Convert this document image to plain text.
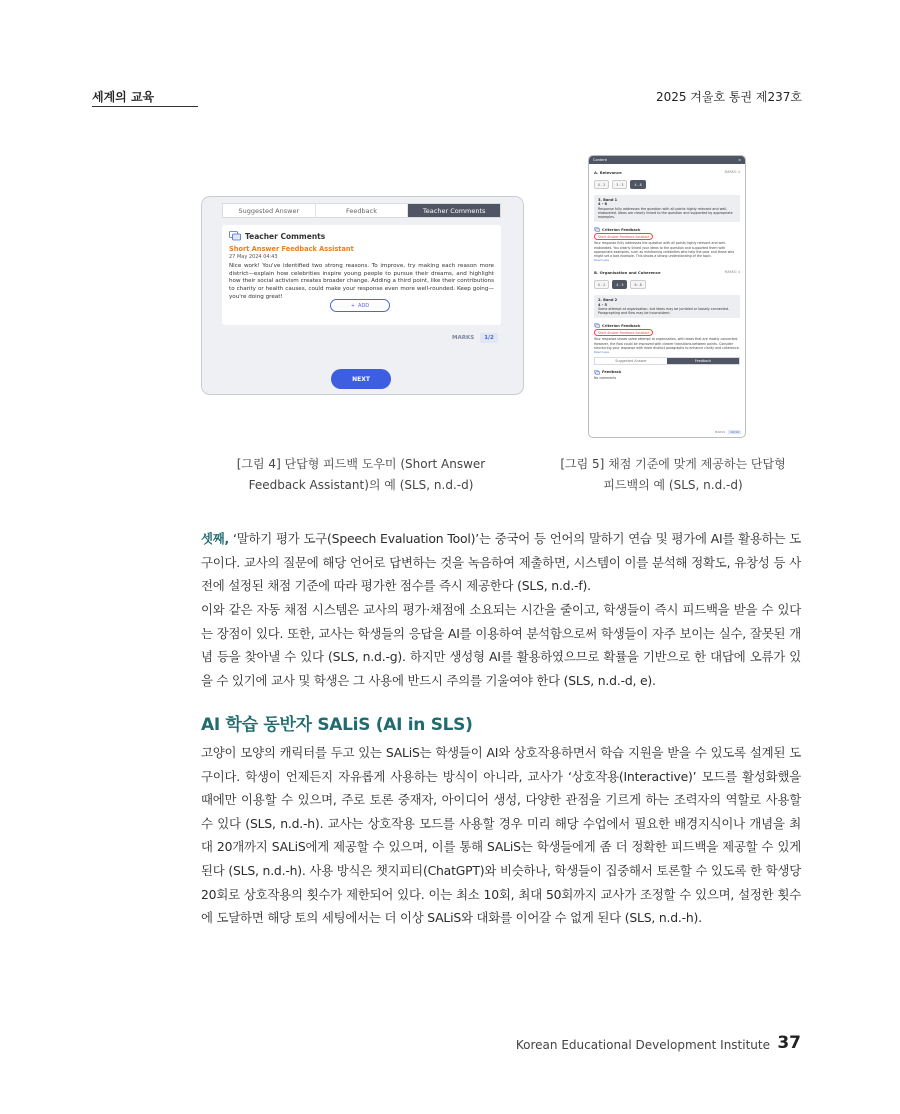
세계의 교육	2025 겨울호 통권 제237호
Suggested Answer	Feedback	Teacher Comments
Teacher Comments
Short Answer Feedback Assistant
27 May 2024 04:43
Nice work! You've identified two strong reasons. To improve, try making each reason more district—explain how celebrities inspire young people to pursue their dreams, and highlight how their social activism creates broader change. Adding a third point, like their contributions to charity or health causes, could make your response even more well-rounded. Keep going—you're doing great!
+ ADD
MARKS	1/2
NEXT
Content	×
A. Relevance	MARKS: 4
0 - 2	3 - 5	4 - 8
3. Band 1
4 - 8
Response fully addresses the question with all points highly relevant and well-elaborated. Ideas are clearly linked to the question and supported by appropriate examples.
Criterion Feedback
Short Answer Feedback Assistant
Your response fully addresses the question with all points highly relevant and well-elaborated. You clearly linked your ideas to the question and supported them with appropriate examples, such as mentioning celebrities who help the poor and those who might set a bad example. This shows a strong understanding of the topic.
Read Less
B. Organisation and Coherence	MARKS: 4
0 - 2	4 - 5	6 - 8
2. Band 2
4 - 5
Some attempt at organisation, but ideas may be jumbled or loosely connected. Paragraphing and flow may be inconsistent.
Criterion Feedback
Short Answer Feedback Assistant
Your response shows some attempt at organisation, with ideas that are mostly connected. However, the flow could be improved with clearer transitions between points. Consider structuring your response with more distinct paragraphs to enhance clarity and coherence.
Read Less
Suggested Answer	Feedback
Feedback
No comments
MARKS	10/16
[그림 4] 단답형 피드백 도우미 (Short Answer Feedback Assistant)의 예 (SLS, n.d.-d)
[그림 5] 채점 기준에 맞게 제공하는 단답형 피드백의 예 (SLS, n.d.-d)
셋째, ‘말하기 평가 도구(Speech Evaluation Tool)’는 중국어 등 언어의 말하기 연습 및 평가에 AI를 활용하는 도구이다. 교사의 질문에 해당 언어로 답변하는 것을 녹음하여 제출하면, 시스템이 이를 분석해 정확도, 유창성 등 사전에 설정된 채점 기준에 따라 평가한 점수를 즉시 제공한다 (SLS, n.d.-f).
이와 같은 자동 채점 시스템은 교사의 평가·채점에 소요되는 시간을 줄이고, 학생들이 즉시 피드백을 받을 수 있다는 장점이 있다. 또한, 교사는 학생들의 응답을 AI를 이용하여 분석함으로써 학생들이 자주 보이는 실수, 잘못된 개념 등을 찾아낼 수 있다 (SLS, n.d.-g). 하지만 생성형 AI를 활용하였으므로 확률을 기반으로 한 대답에 오류가 있을 수 있기에 교사 및 학생은 그 사용에 반드시 주의를 기울여야 한다 (SLS, n.d.-d, e).
AI 학습 동반자 SALiS (AI in SLS)
고양이 모양의 캐릭터를 두고 있는 SALiS는 학생들이 AI와 상호작용하면서 학습 지원을 받을 수 있도록 설계된 도구이다. 학생이 언제든지 자유롭게 사용하는 방식이 아니라, 교사가 ‘상호작용(Interactive)’ 모드를 활성화했을 때에만 이용할 수 있으며, 주로 토론 중재자, 아이디어 생성, 다양한 관점을 기르게 하는 조력자의 역할로 사용할 수 있다 (SLS, n.d.-h). 교사는 상호작용 모드를 사용할 경우 미리 해당 수업에서 필요한 배경지식이나 개념을 최대 20개까지 SALiS에게 제공할 수 있으며, 이를 통해 SALiS는 학생들에게 좀 더 정확한 피드백을 제공할 수 있게 된다 (SLS, n.d.-h). 사용 방식은 챗지피티(ChatGPT)와 비슷하나, 학생들이 집중해서 토론할 수 있도록 한 학생당 20회로 상호작용의 횟수가 제한되어 있다. 이는 최소 10회, 최대 50회까지 교사가 조정할 수 있으며, 설정한 횟수에 도달하면 해당 토의 세팅에서는 더 이상 SALiS와 대화를 이어갈 수 없게 된다 (SLS, n.d.-h).
Korean Educational Development Institute 37
